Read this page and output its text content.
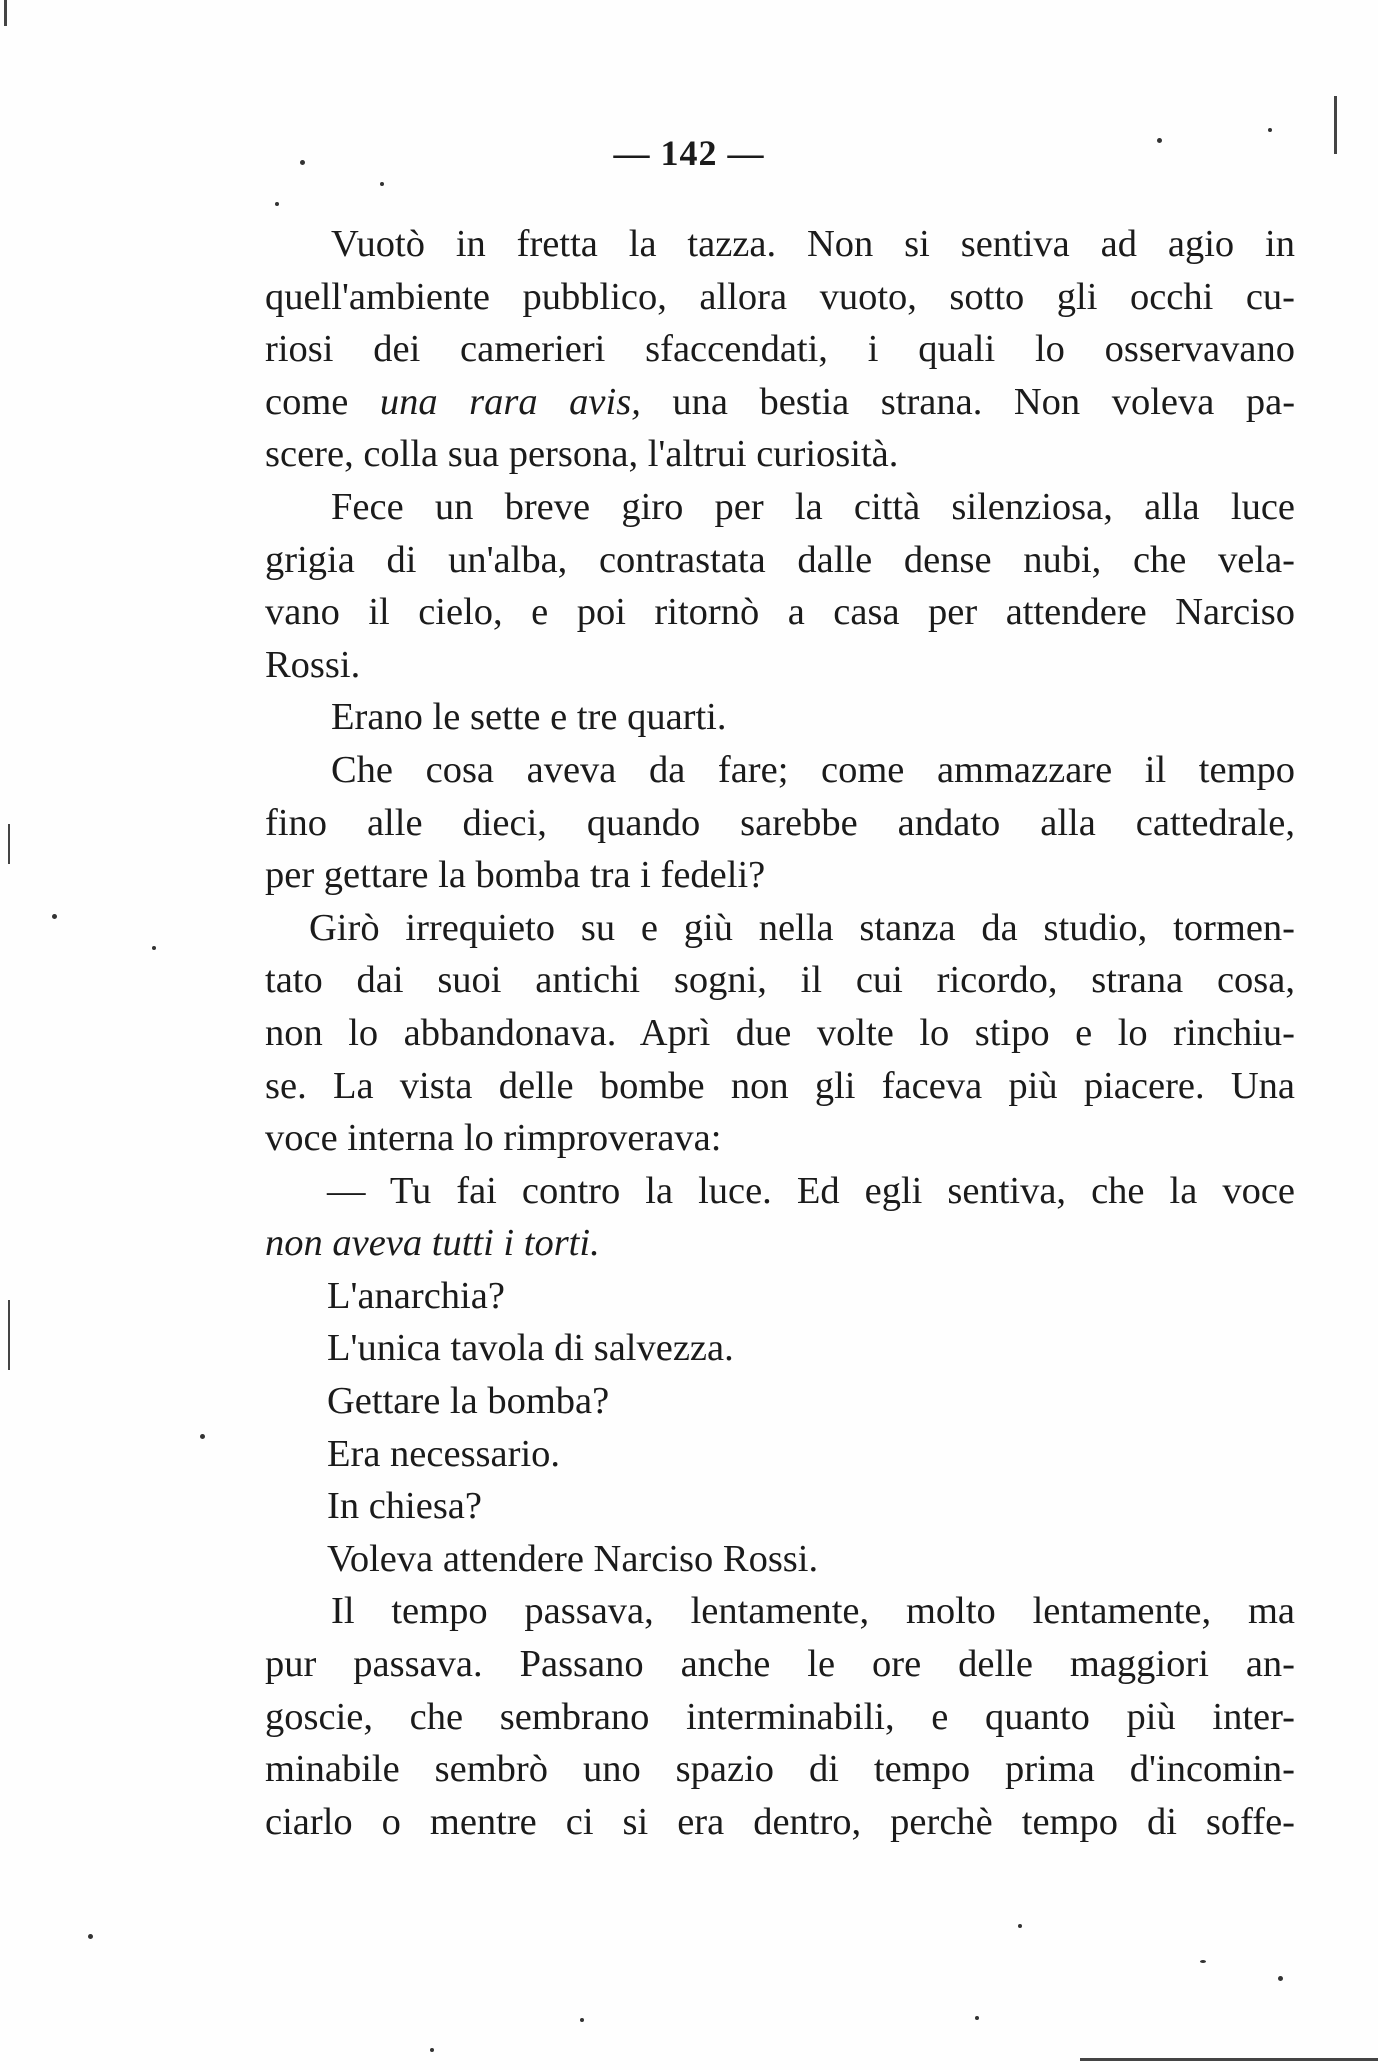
— 142 —
Vuotò in fretta la tazza. Non si sentiva ad agio in
quell'ambiente pubblico, allora vuoto, sotto gli occhi cu-
riosi dei camerieri sfaccendati, i quali lo osservavano
come una rara avis, una bestia strana. Non voleva pa-
scere, colla sua persona, l'altrui curiosità.
Fece un breve giro per la città silenziosa, alla luce
grigia di un'alba, contrastata dalle dense nubi, che vela-
vano il cielo, e poi ritornò a casa per attendere Narciso
Rossi.
Erano le sette e tre quarti.
Che cosa aveva da fare; come ammazzare il tempo
fino alle dieci, quando sarebbe andato alla cattedrale,
per gettare la bomba tra i fedeli?
Girò irrequieto su e giù nella stanza da studio, tormen-
tato dai suoi antichi sogni, il cui ricordo, strana cosa,
non lo abbandonava. Aprì due volte lo stipo e lo rinchiu-
se. La vista delle bombe non gli faceva più piacere. Una
voce interna lo rimproverava:
— Tu fai contro la luce. Ed egli sentiva, che la voce
non aveva tutti i torti.
L'anarchia?
L'unica tavola di salvezza.
Gettare la bomba?
Era necessario.
In chiesa?
Voleva attendere Narciso Rossi.
Il tempo passava, lentamente, molto lentamente, ma
pur passava. Passano anche le ore delle maggiori an-
goscie, che sembrano interminabili, e quanto più inter-
minabile sembrò uno spazio di tempo prima d'incomin-
ciarlo o mentre ci si era dentro, perchè tempo di soffe-
